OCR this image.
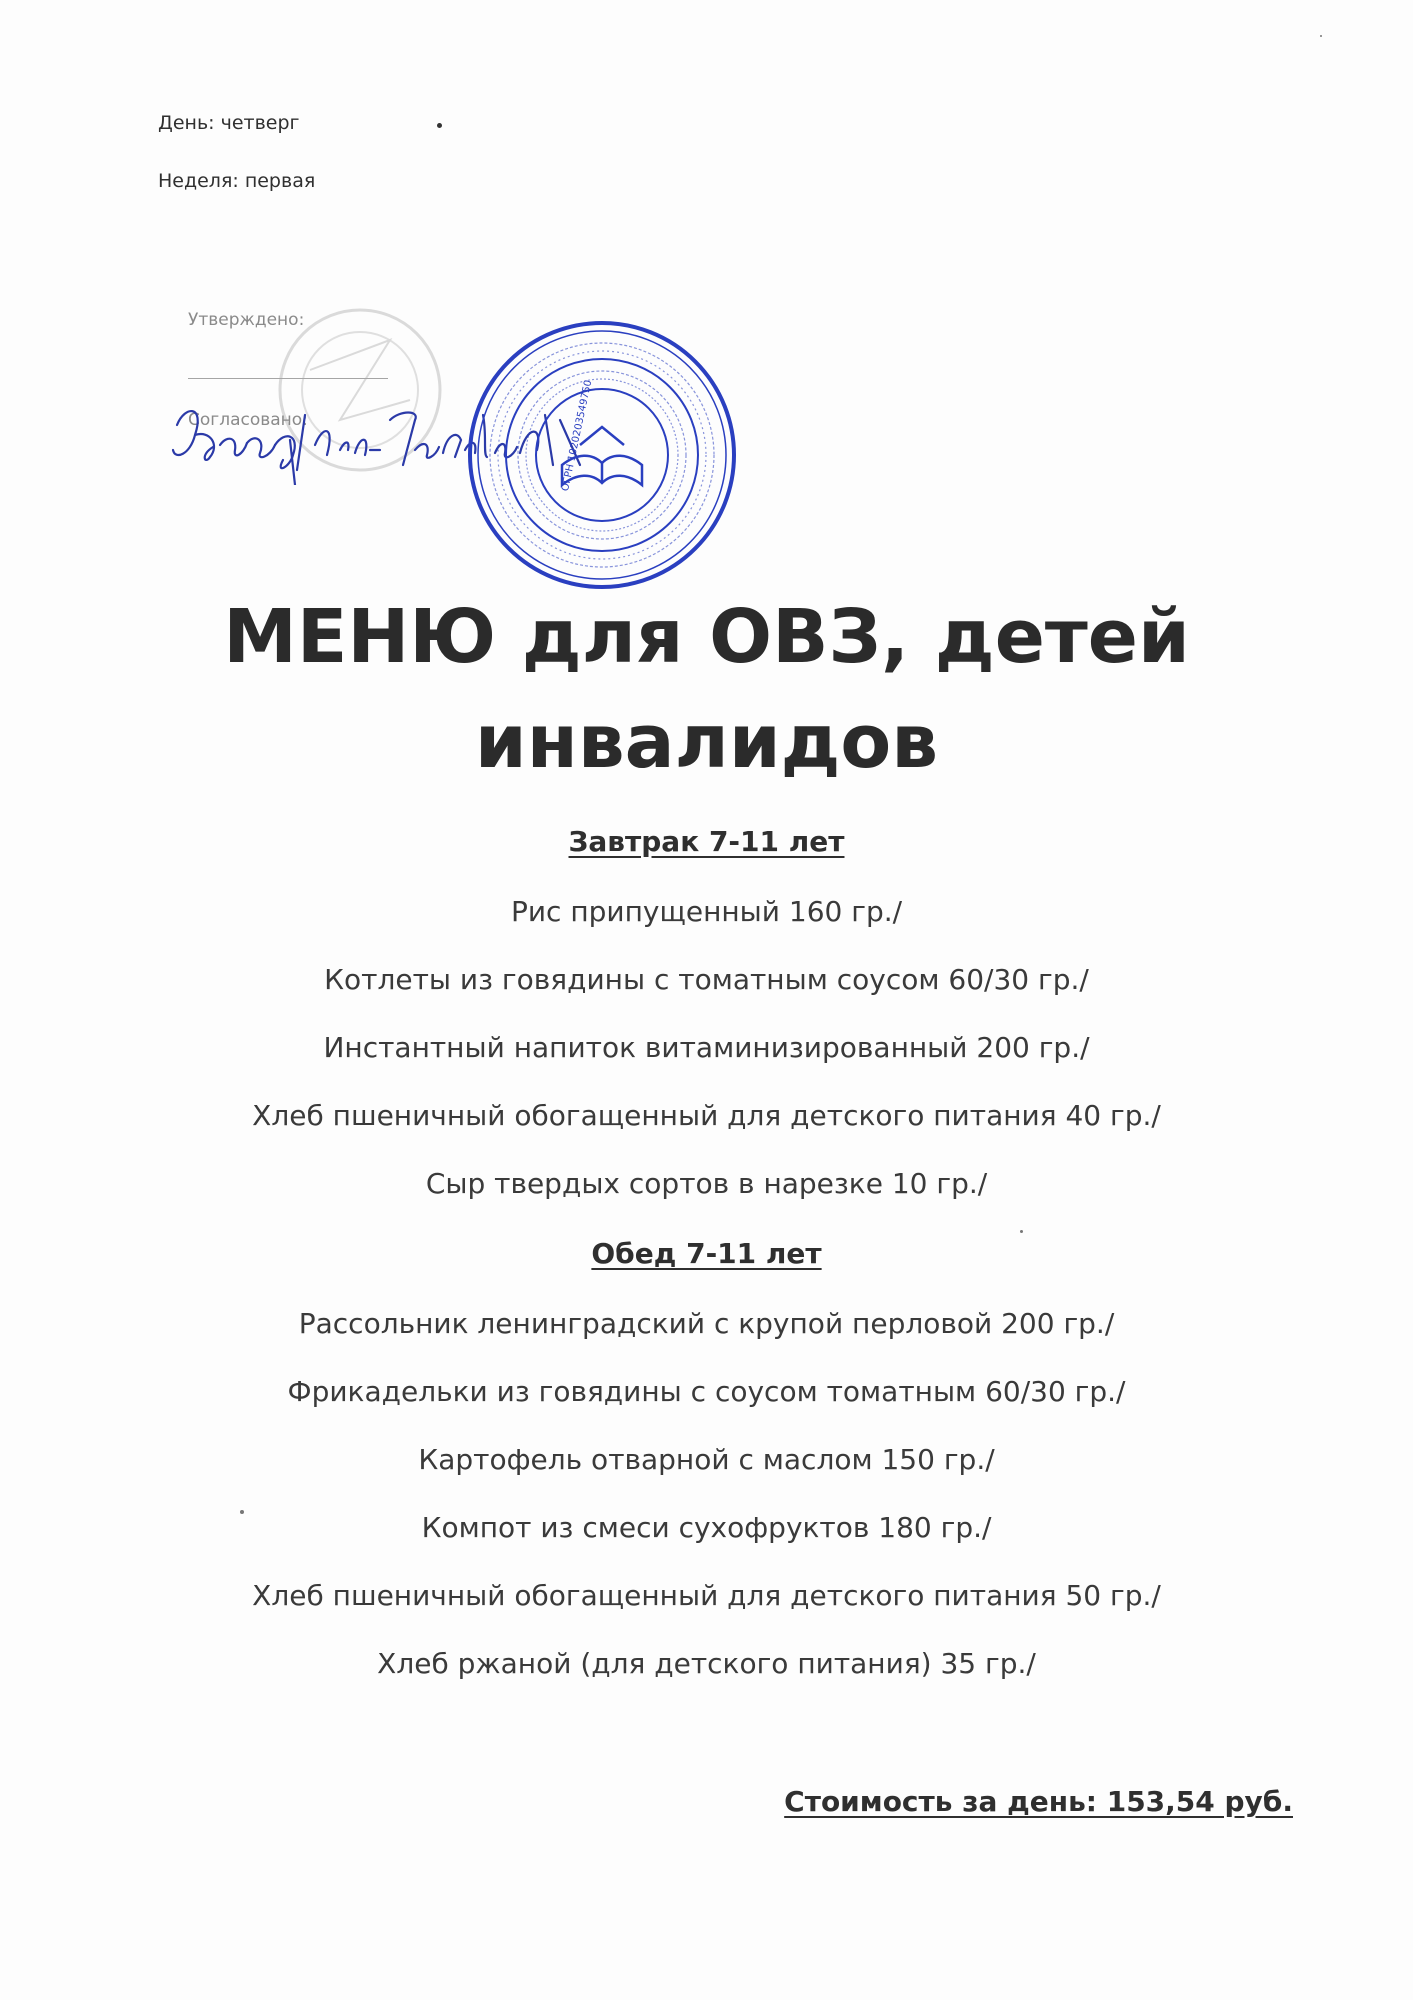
День: четверг
Неделя: первая
Утверждено:
Согласовано:	ОГРН 1020203549750
МЕНЮ для ОВЗ, детей
инвалидов
Завтрак 7-11 лет
Рис припущенный 160 гр./
Котлеты из говядины с томатным соусом 60/30 гр./
Инстантный напиток витаминизированный 200 гр./
Хлеб пшеничный обогащенный для детского питания 40 гр./
Сыр твердых сортов в нарезке 10 гр./
Обед 7-11 лет
Рассольник ленинградский с крупой перловой 200 гр./
Фрикадельки из говядины с соусом томатным 60/30 гр./
Картофель отварной с маслом 150 гр./
Компот из смеси сухофруктов 180 гр./
Хлеб пшеничный обогащенный для детского питания 50 гр./
Хлеб ржаной (для детского питания) 35 гр./
Стоимость за день: 153,54 руб.
